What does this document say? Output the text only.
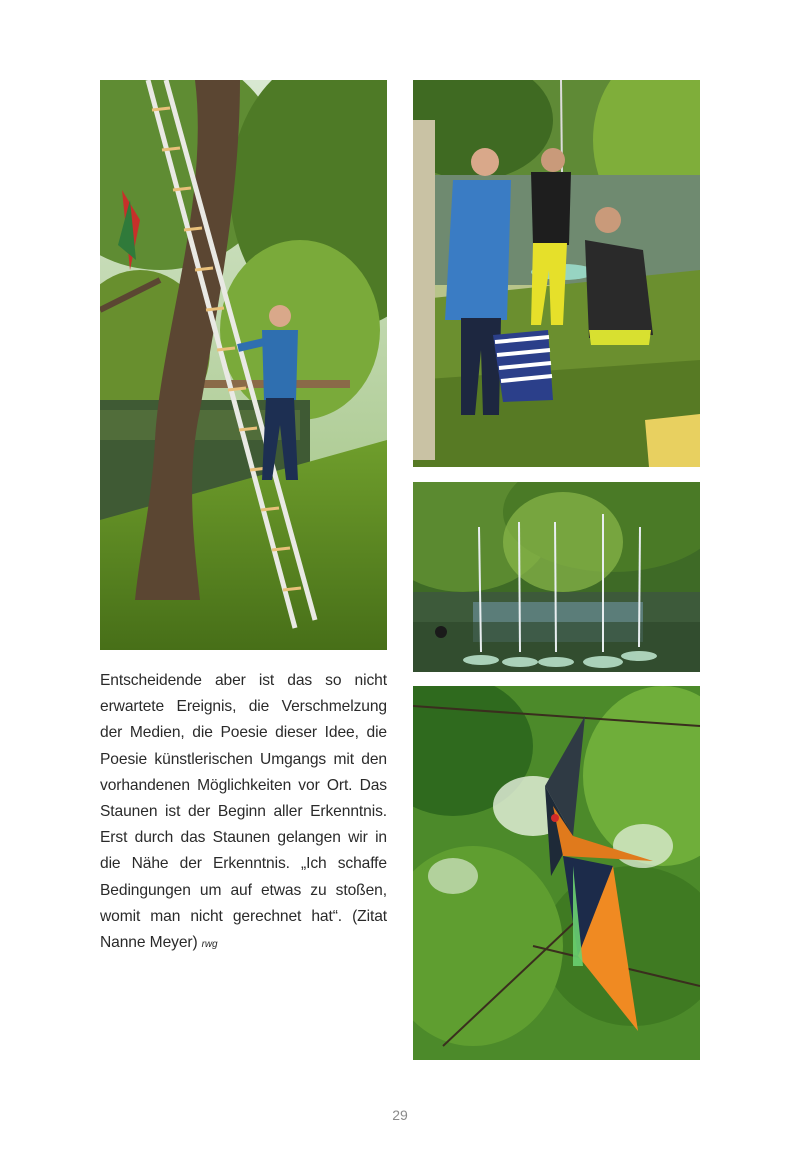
Entscheidende aber ist das so nicht erwartete Ereignis, die Verschmelzung der Medien, die Poesie dieser Idee, die Poesie künstlerischen Umgangs mit den vorhandenen Möglichkeiten vor Ort. Das Staunen ist der Beginn aller Erkenntnis. Erst durch das Staunen gelangen wir in die Nähe der Erkenntnis. „Ich schaffe Bedingungen um auf etwas zu stoßen, womit man nicht gerechnet hat“. (Zitat Nanne Meyer) rwg
29
